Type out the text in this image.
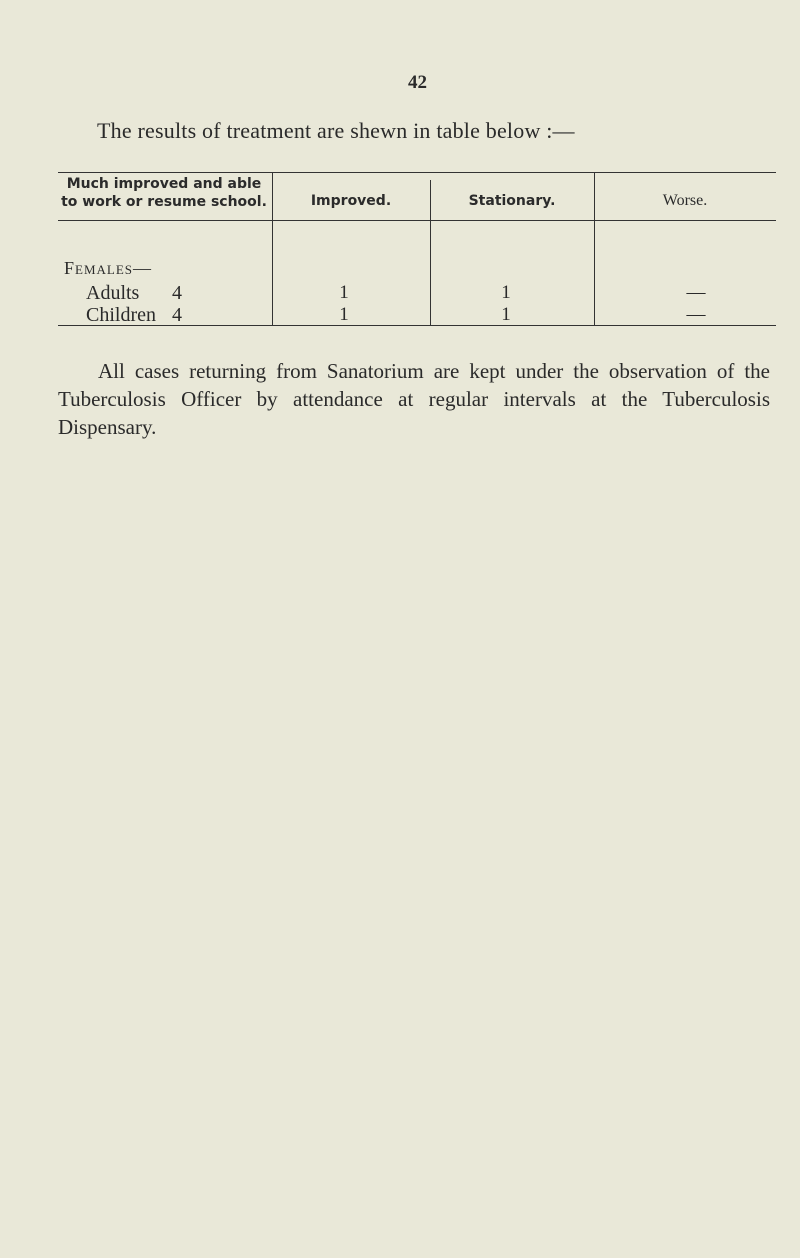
42
The results of treatment are shewn in table below :—
Much improved and able to work or resume school.	Improved.	Stationary.	Worse.
Females—
Adults 4	1	1	—
Children 4	1	1	—
All cases returning from Sanatorium are kept under the observation of the Tuberculosis Officer by attendance at regular intervals at the Tuberculosis Dispensary.
